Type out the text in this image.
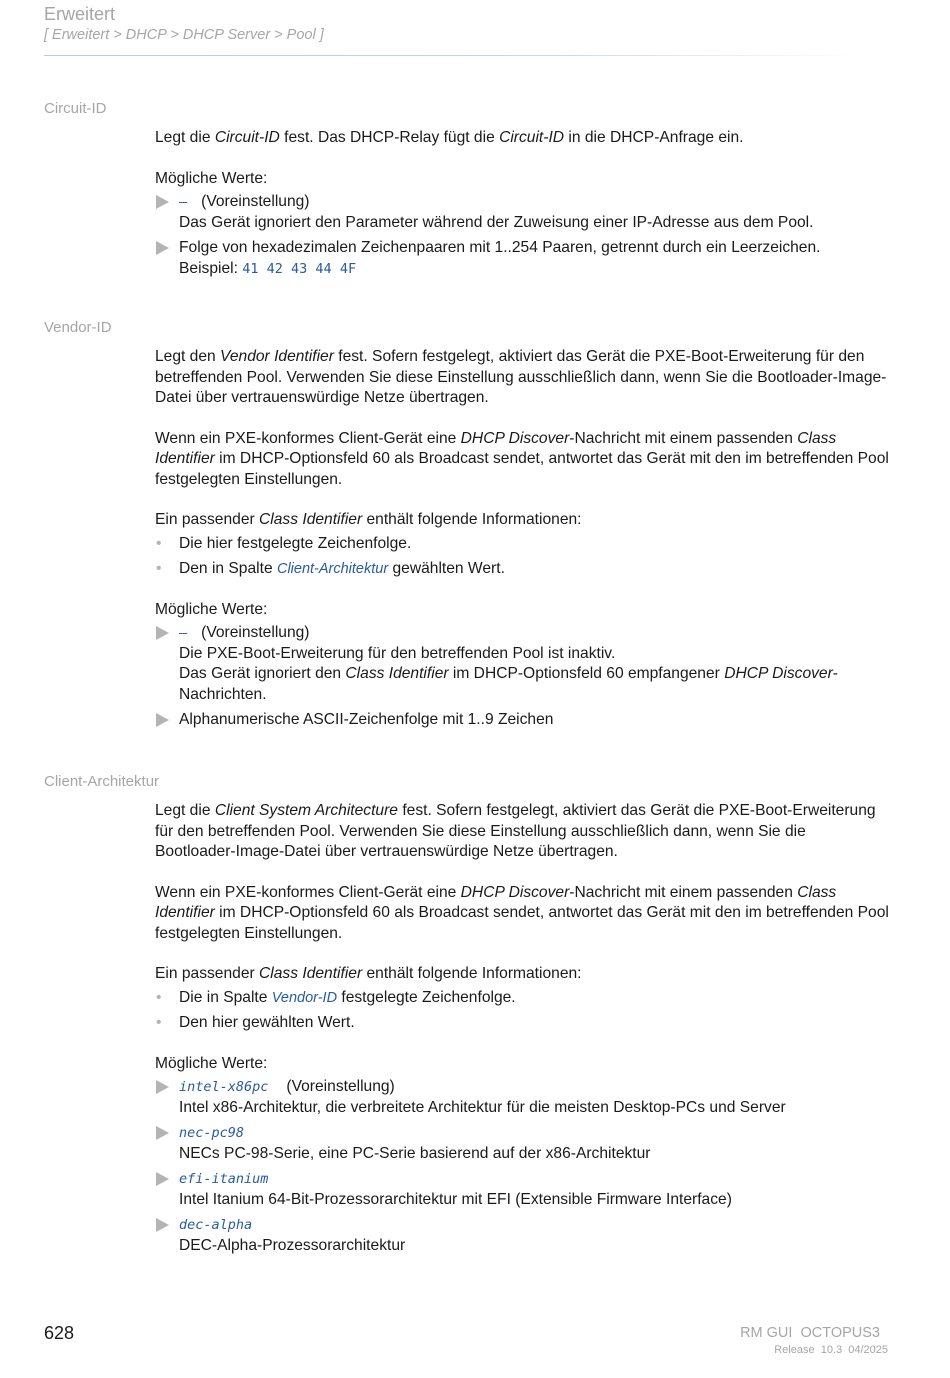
Erweitert
[ Erweitert > DHCP > DHCP Server > Pool ]
Circuit-ID

Legt die Circuit-ID fest. Das DHCP-Relay fügt die Circuit-ID in die DHCP-Anfrage ein.

Mögliche Werte:

– (Voreinstellung)
Das Gerät ignoriert den Parameter während der Zuweisung einer IP-Adresse aus dem Pool.
Folge von hexadezimalen Zeichenpaaren mit 1..254 Paaren, getrennt durch ein Leerzeichen.
Beispiel: 41 42 43 44 4F
Vendor-ID

Legt den Vendor Identifier fest. Sofern festgelegt, aktiviert das Gerät die PXE-Boot-Erweiterung für den betreffenden Pool. Verwenden Sie diese Einstellung ausschließlich dann, wenn Sie die Bootloader-Image-Datei über vertrauenswürdige Netze übertragen.

Wenn ein PXE-konformes Client-Gerät eine DHCP Discover-Nachricht mit einem passenden Class Identifier im DHCP-Optionsfeld 60 als Broadcast sendet, antwortet das Gerät mit den im betreffenden Pool festgelegten Einstellungen.

Ein passender Class Identifier enthält folgende Informationen:

• Die hier festgelegte Zeichenfolge.
• Den in Spalte Client-Architektur gewählten Wert.

Mögliche Werte:

– (Voreinstellung)
Die PXE-Boot-Erweiterung für den betreffenden Pool ist inaktiv.
Das Gerät ignoriert den Class Identifier im DHCP-Optionsfeld 60 empfangener DHCP Discover-Nachrichten.
Alphanumerische ASCII-Zeichenfolge mit 1..9 Zeichen
Client-Architektur

Legt die Client System Architecture fest. Sofern festgelegt, aktiviert das Gerät die PXE-Boot-Erweiterung für den betreffenden Pool. Verwenden Sie diese Einstellung ausschließlich dann, wenn Sie die Bootloader-Image-Datei über vertrauenswürdige Netze übertragen.

Wenn ein PXE-konformes Client-Gerät eine DHCP Discover-Nachricht mit einem passenden Class Identifier im DHCP-Optionsfeld 60 als Broadcast sendet, antwortet das Gerät mit den im betreffenden Pool festgelegten Einstellungen.

Ein passender Class Identifier enthält folgende Informationen:

• Die in Spalte Vendor-ID festgelegte Zeichenfolge.
• Den hier gewählten Wert.

Mögliche Werte:

intel-x86pc (Voreinstellung)
Intel x86-Architektur, die verbreitete Architektur für die meisten Desktop-PCs und Server
nec-pc98
NECs PC-98-Serie, eine PC-Serie basierend auf der x86-Architektur
efi-itanium
Intel Itanium 64-Bit-Prozessorarchitektur mit EFI (Extensible Firmware Interface)
dec-alpha
DEC-Alpha-Prozessorarchitektur
628	RM GUI  OCTOPUS3
Release  10.3  04/2025
